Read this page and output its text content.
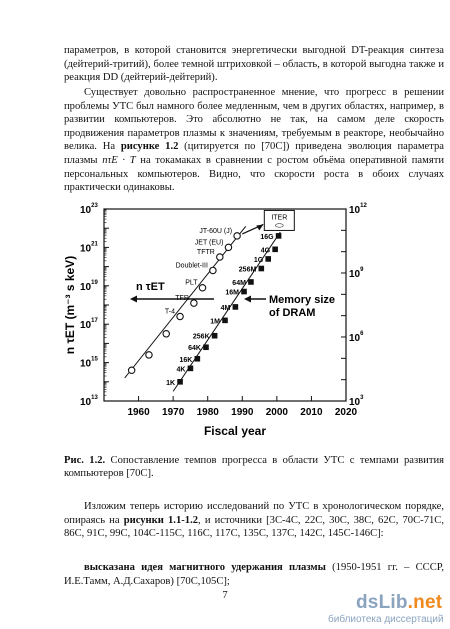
параметров, в которой становится энергетически выгодной DT-реакция синтеза (дейтерий-тритий), более темной штриховкой – область, в которой выгодна также и реакция DD (дейтерий-дейтерий).

Существует довольно распространенное мнение, что прогресс в решении проблемы УТС был намного более медленным, чем в других областях, например, в развитии компьютеров. Это абсолютно не так, на самом деле скорость продвижения параметров плазмы к значениям, требуемым в реакторе, необычайно велика. На рисунке 1.2 (цитируется по [70С]) приведена эволюция параметра плазмы nτE · T на токамаках в сравнении с ростом объёма оперативной памяти персональных компьютеров. Видно, что скорости роста в обоих случаях практически одинаковы.

$10^{13}$
$10^{15}$
$10^{17}$
$10^{19}$
$10^{21}$
$10^{23}$
$10^3$
$10^6$
$10^9$
$10^{12}$
1960 1970 1980 1990 2000 2010 2020
Fiscal year
n τET (m⁻³ s keV)	T-4
TFR
PLT
Doublet-III
TFTR
JET (EU)
JT-60U (J)
ITER
1K
4K
16K
64K
256K
1M
4M
16M
64M
256M
1G
4G
16G
Memory size
of DRAM
n τET

Рис. 1.2. Сопоставление темпов прогресса в области УТС с темпами развития компьютеров [70С].

Изложим теперь историю исследований по УТС в хронологическом порядке, опираясь на рисунки 1.1-1.2, и источники [3С-4С, 22С, 30С, 38С, 62С, 70С-71С, 86С, 91С, 99С, 104С-115С, 116С, 117С, 135С, 137С, 142С, 145С-146С]:

высказана идея магнитного удержания плазмы (1950-1951 гг. – СССР, И.Е.Тамм, А.Д.Сахаров) [70С,105С];

7	dsLib.net
библиотека диссертаций
